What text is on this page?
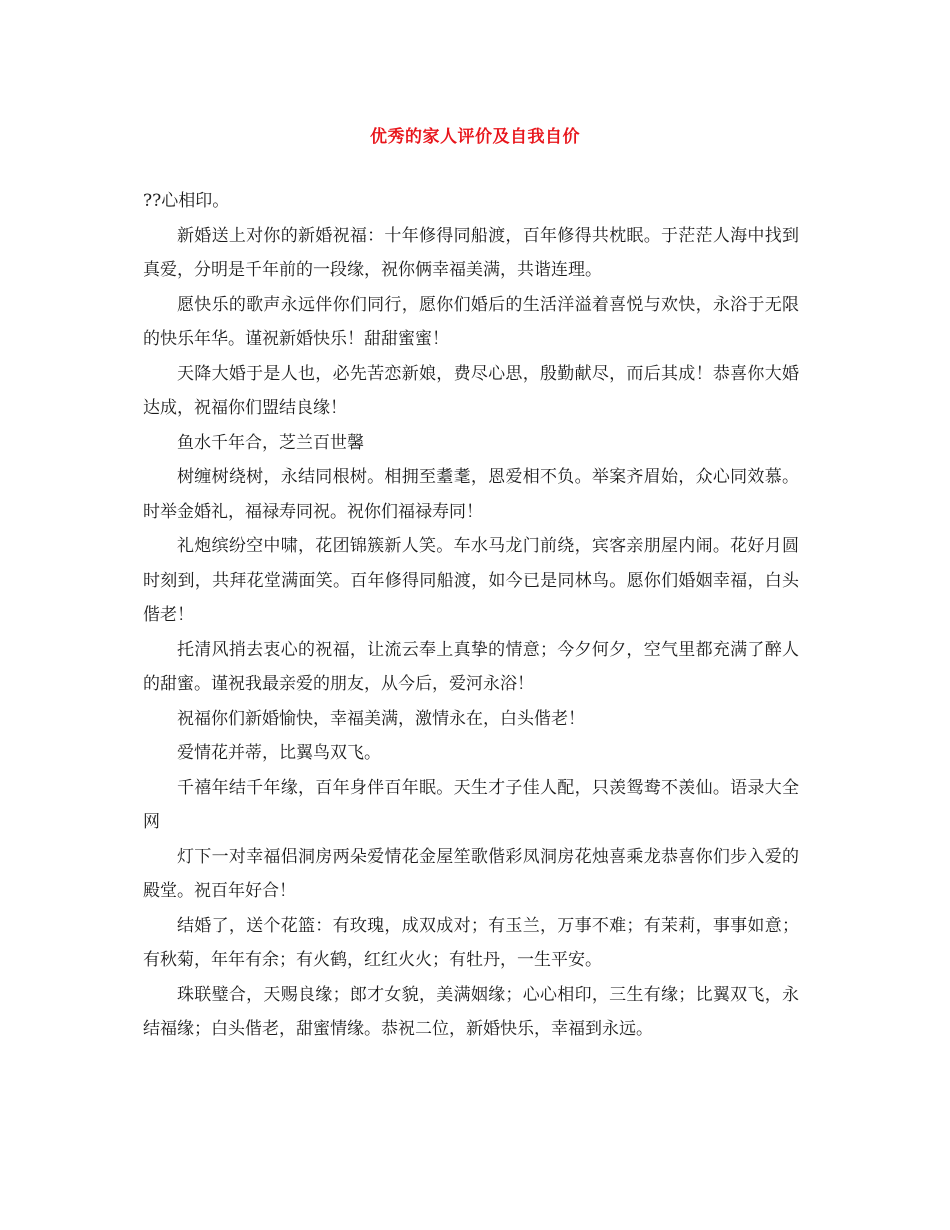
优秀的家人评价及自我自价

??心相印。

新婚送上对你的新婚祝福：十年修得同船渡，百年修得共枕眠。于茫茫人海中找到真爱，分明是千年前的一段缘，祝你俩幸福美满，共谐连理。

愿快乐的歌声永远伴你们同行，愿你们婚后的生活洋溢着喜悦与欢快，永浴于无限的快乐年华。谨祝新婚快乐！甜甜蜜蜜！

天降大婚于是人也，必先苦恋新娘，费尽心思，殷勤献尽，而后其成！恭喜你大婚达成，祝福你们盟结良缘！

鱼水千年合，芝兰百世馨

树缠树绕树，永结同根树。相拥至耋耄，恩爱相不负。举案齐眉始，众心同效慕。时举金婚礼，福禄寿同祝。祝你们福禄寿同！

礼炮缤纷空中啸，花团锦簇新人笑。车水马龙门前绕，宾客亲朋屋内闹。花好月圆时刻到，共拜花堂满面笑。百年修得同船渡，如今已是同林鸟。愿你们婚姻幸福，白头偕老！

托清风捎去衷心的祝福，让流云奉上真挚的情意；今夕何夕，空气里都充满了醉人的甜蜜。谨祝我最亲爱的朋友，从今后，爱河永浴！

祝福你们新婚愉快，幸福美满，激情永在，白头偕老！

爱情花并蒂，比翼鸟双飞。

千禧年结千年缘，百年身伴百年眠。天生才子佳人配，只羡鸳鸯不羡仙。语录大全网

灯下一对幸福侣洞房两朵爱情花金屋笙歌偕彩凤洞房花烛喜乘龙恭喜你们步入爱的殿堂。祝百年好合！

结婚了，送个花篮：有玫瑰，成双成对；有玉兰，万事不难；有茉莉，事事如意；有秋菊，年年有余；有火鹤，红红火火；有牡丹，一生平安。

珠联璧合，天赐良缘；郎才女貌，美满姻缘；心心相印，三生有缘；比翼双飞，永结福缘；白头偕老，甜蜜情缘。恭祝二位，新婚快乐，幸福到永远。
